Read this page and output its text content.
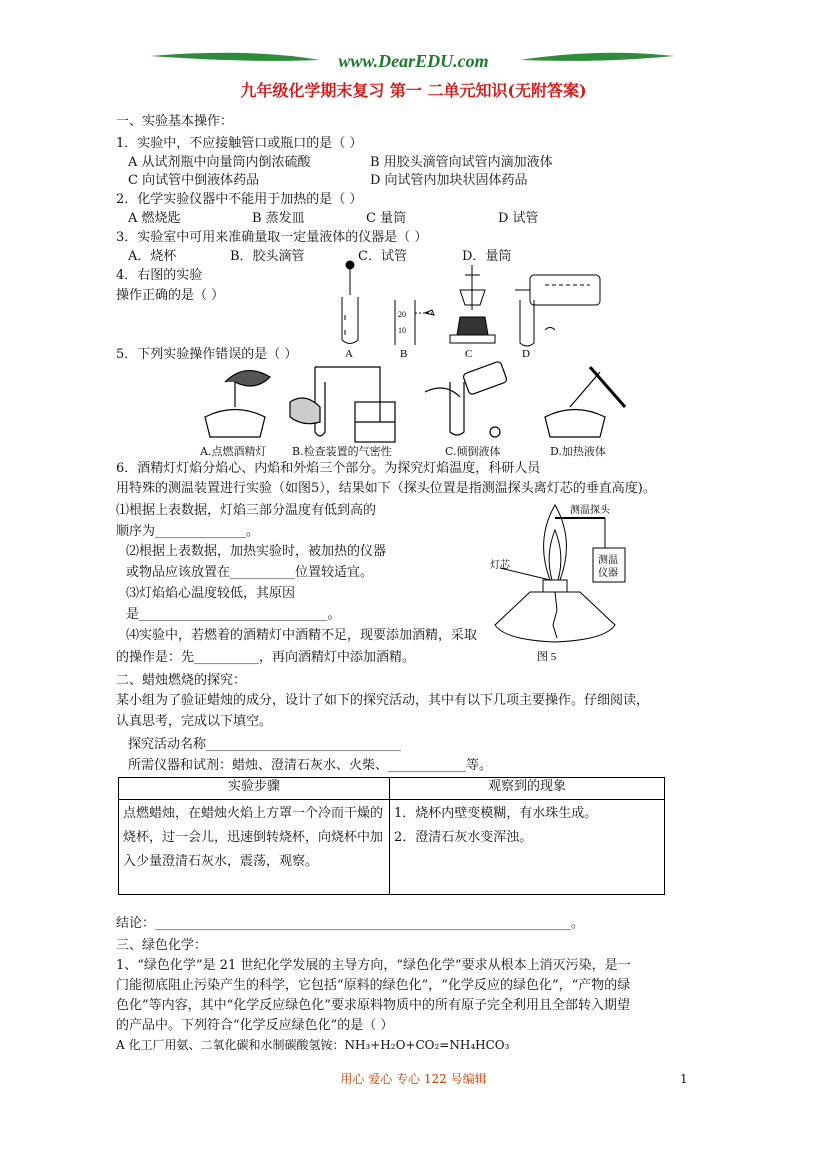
www.DearEDU.com
九年级化学期末复习 第一 二单元知识(无附答案)
一、实验基本操作：
1．实验中，不应接触管口或瓶口的是（ ）
A 从试剂瓶中向量筒内倒浓硫酸	B 用胶头滴管向试管内滴加液体
C 向试管中倒液体药品	D 向试管内加块状固体药品
2．化学实验仪器中不能用于加热的是（ ）
A 燃烧匙	B 蒸发皿	C 量筒	D 试管
3．实验室中可用来准确量取一定量液体的仪器是（ ）
A．烧杯	B．胶头滴管	C．试管	D．量筒
4．右图的实验
操作正确的是（ ）
A
20
10
B	C	D
5．下列实验操作错误的是（ ）
A.点燃酒精灯 B.检查装置的气密性	C.倾倒液体	D.加热液体
6．酒精灯灯焰分焰心、内焰和外焰三个部分。为探究灯焰温度，科研人员
用特殊的测温装置进行实验（如图5），结果如下（探头位置是指测温探头离灯芯的垂直高度)。
⑴根据上表数据，灯焰三部分温度有低到高的
顺序为______________。
⑵根据上表数据，加热实验时，被加热的仪器
或物品应该放置在__________位置较适宜。
⑶灯焰焰心温度较低，其原因
是_____________________________。
⑷实验中，若燃着的酒精灯中酒精不足，现要添加酒精，采取
的操作是：先__________，再向酒精灯中添加酒精。
测温探头
灯芯	测温
仪器
图 5
二、蜡烛燃烧的探究：
某小组为了验证蜡烛的成分，设计了如下的探究活动，其中有以下几项主要操作。仔细阅读，
认真思考，完成以下填空。
探究活动名称______________________________
所需仪器和试剂：蜡烛、澄清石灰水、火柴、____________等。
实验步骤	观察到的现象

点燃蜡烛，在蜡烛火焰上方罩一个冷而干燥的烧杯，过一会儿，迅速倒转烧杯，向烧杯中加入少量澄清石灰水，震荡，观察。	1．烧杯内壁变模糊，有水珠生成。
2．澄清石灰水变浑浊。
结论：________________________________________________________________。
三、绿色化学：
1、“绿色化学”是 21 世纪化学发展的主导方向，“绿色化学”要求从根本上消灭污染，是一
门能彻底阻止污染产生的科学，它包括“原料的绿色化”，“化学反应的绿色化”，“产物的绿
色化”等内容，其中“化学反应绿色化”要求原料物质中的所有原子完全利用且全部转入期望
的产品中。下列符合“化学反应绿色化”的是（ ）
A 化工厂用氨、二氧化碳和水制碳酸氢铵：NH₃+H₂O+CO₂=NH₄HCO₃
用心 爱心 专心 122 号编辑	1
